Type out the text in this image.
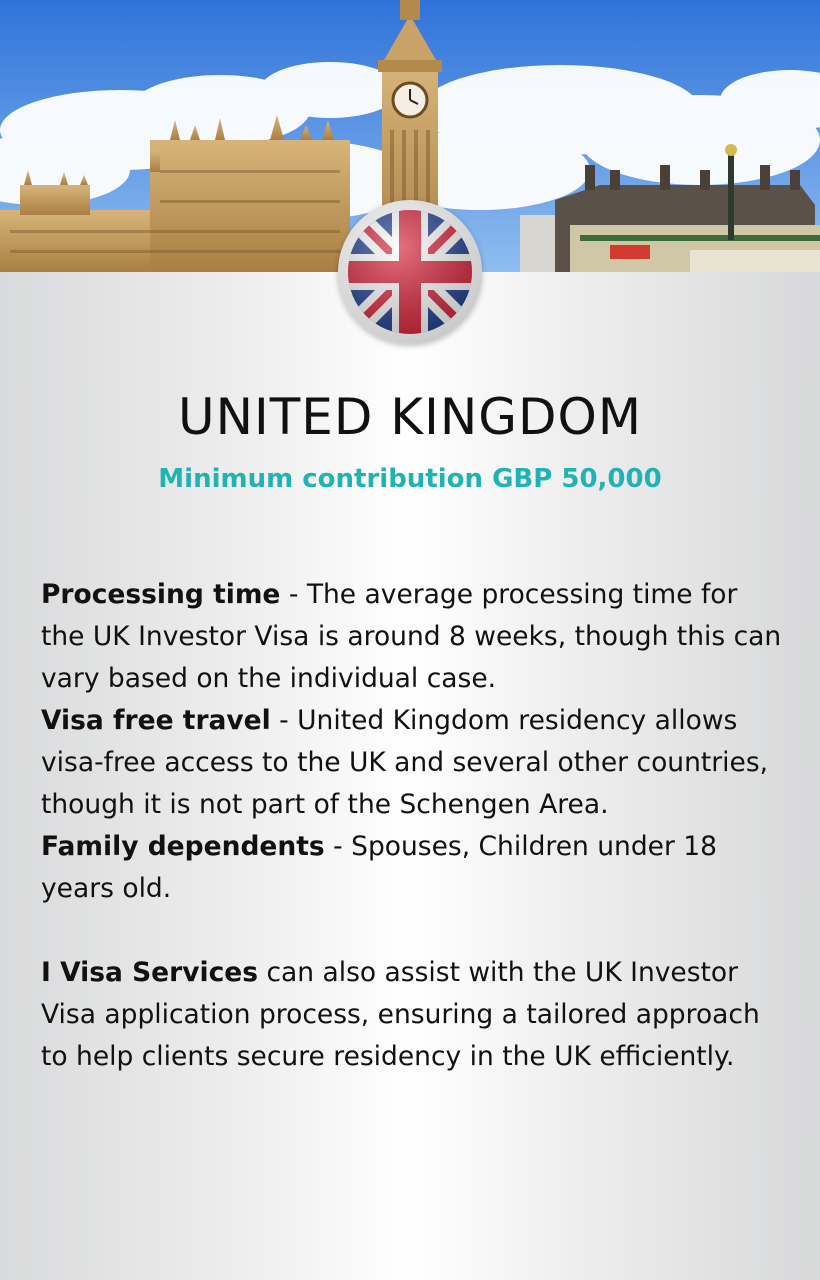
UNITED KINGDOM

Minimum contribution GBP 50,000

Processing time - The average processing time for the UK Investor Visa is around 8 weeks, though this can vary based on the individual case.

Visa free travel - United Kingdom residency allows visa-free access to the UK and several other countries, though it is not part of the Schengen Area.

Family dependents - Spouses, Children under 18 years old.

I Visa Services can also assist with the UK Investor Visa application process, ensuring a tailored approach to help clients secure residency in the UK efficiently.
